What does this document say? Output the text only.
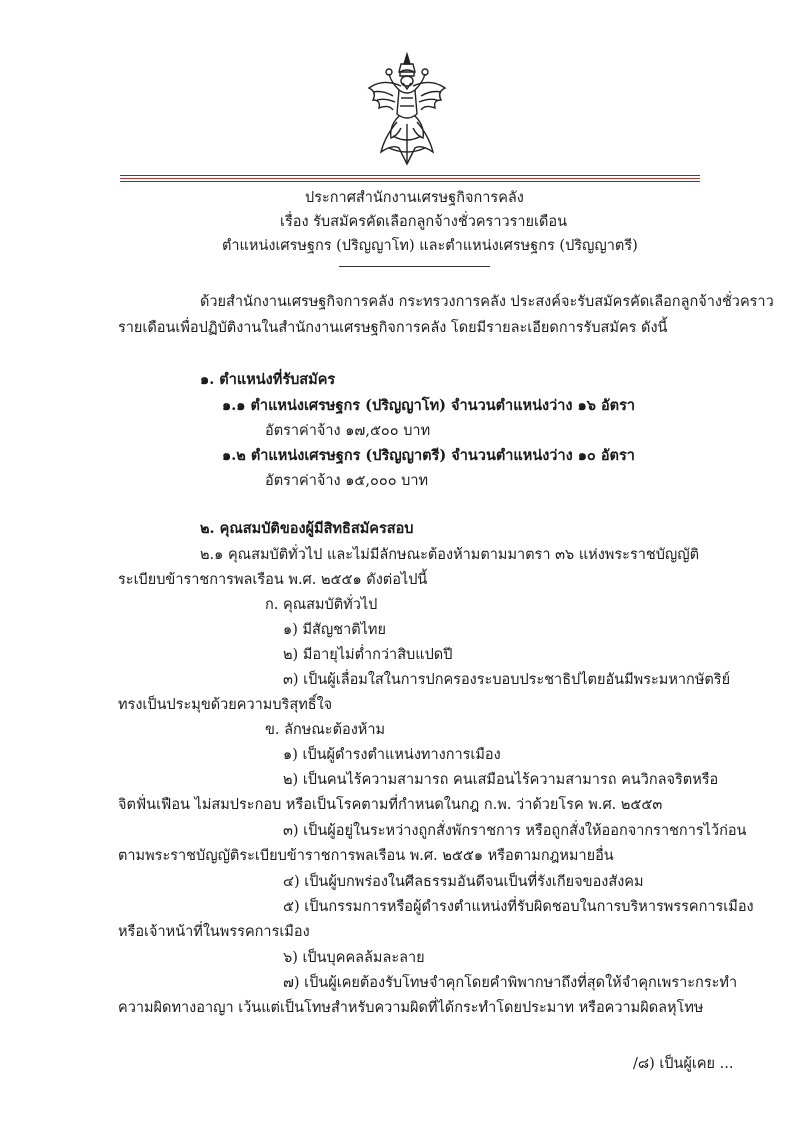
ประกาศสำนักงานเศรษฐกิจการคลัง
เรื่อง รับสมัครคัดเลือกลูกจ้างชั่วคราวรายเดือน
ตำแหน่งเศรษฐกร (ปริญญาโท) และตำแหน่งเศรษฐกร (ปริญญาตรี)
ด้วยสำนักงานเศรษฐกิจการคลัง กระทรวงการคลัง ประสงค์จะรับสมัครคัดเลือกลูกจ้างชั่วคราว
รายเดือนเพื่อปฏิบัติงานในสำนักงานเศรษฐกิจการคลัง โดยมีรายละเอียดการรับสมัคร ดังนี้
๑. ตำแหน่งที่รับสมัคร
๑.๑ ตำแหน่งเศรษฐกร (ปริญญาโท) จำนวนตำแหน่งว่าง ๑๖ อัตรา
อัตราค่าจ้าง ๑๗,๕๐๐ บาท
๑.๒ ตำแหน่งเศรษฐกร (ปริญญาตรี) จำนวนตำแหน่งว่าง ๑๐ อัตรา
อัตราค่าจ้าง ๑๕,๐๐๐ บาท
๒. คุณสมบัติของผู้มีสิทธิสมัครสอบ
๒.๑ คุณสมบัติทั่วไป และไม่มีลักษณะต้องห้ามตามมาตรา ๓๖ แห่งพระราชบัญญัติ
ระเบียบข้าราชการพลเรือน พ.ศ. ๒๕๕๑ ดังต่อไปนี้
ก. คุณสมบัติทั่วไป
๑) มีสัญชาติไทย
๒) มีอายุไม่ต่ำกว่าสิบแปดปี
๓) เป็นผู้เลื่อมใสในการปกครองระบอบประชาธิปไตยอันมีพระมหากษัตริย์
ทรงเป็นประมุขด้วยความบริสุทธิ์ใจ
ข. ลักษณะต้องห้าม
๑) เป็นผู้ดำรงตำแหน่งทางการเมือง
๒) เป็นคนไร้ความสามารถ คนเสมือนไร้ความสามารถ คนวิกลจริตหรือ
จิตฟั่นเฟือน ไม่สมประกอบ หรือเป็นโรคตามที่กำหนดในกฎ ก.พ. ว่าด้วยโรค พ.ศ. ๒๕๕๓
๓) เป็นผู้อยู่ในระหว่างถูกสั่งพักราชการ หรือถูกสั่งให้ออกจากราชการไว้ก่อน
ตามพระราชบัญญัติระเบียบข้าราชการพลเรือน พ.ศ. ๒๕๕๑ หรือตามกฎหมายอื่น
๔) เป็นผู้บกพร่องในศีลธรรมอันดีจนเป็นที่รังเกียจของสังคม
๕) เป็นกรรมการหรือผู้ดำรงตำแหน่งที่รับผิดชอบในการบริหารพรรคการเมือง
หรือเจ้าหน้าที่ในพรรคการเมือง
๖) เป็นบุคคลล้มละลาย
๗) เป็นผู้เคยต้องรับโทษจำคุกโดยคำพิพากษาถึงที่สุดให้จำคุกเพราะกระทำ
ความผิดทางอาญา เว้นแต่เป็นโทษสำหรับความผิดที่ได้กระทำโดยประมาท หรือความผิดลหุโทษ
/๘) เป็นผู้เคย ...
